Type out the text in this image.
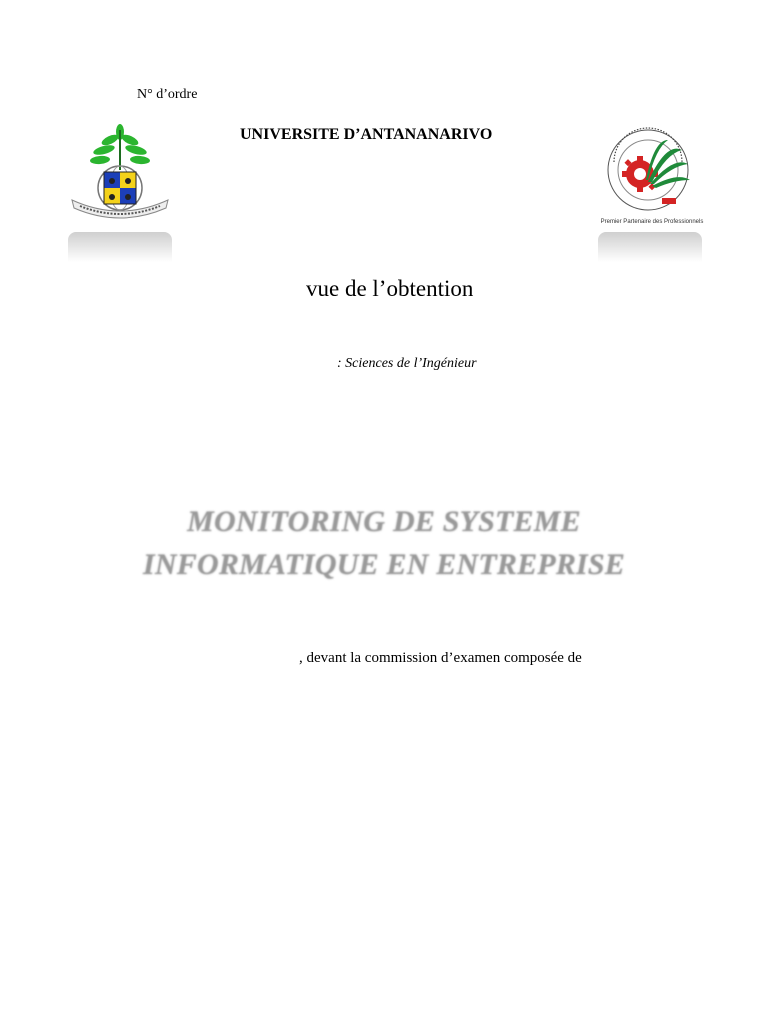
N° d’ordre
UNIVERSITE D’ANTANANARIVO
Premier Partenaire des Professionnels
vue de l’obtention
: Sciences de l’Ingénieur
MONITORING DE SYSTEME
INFORMATIQUE EN ENTREPRISE
, devant la commission d’examen composée de
